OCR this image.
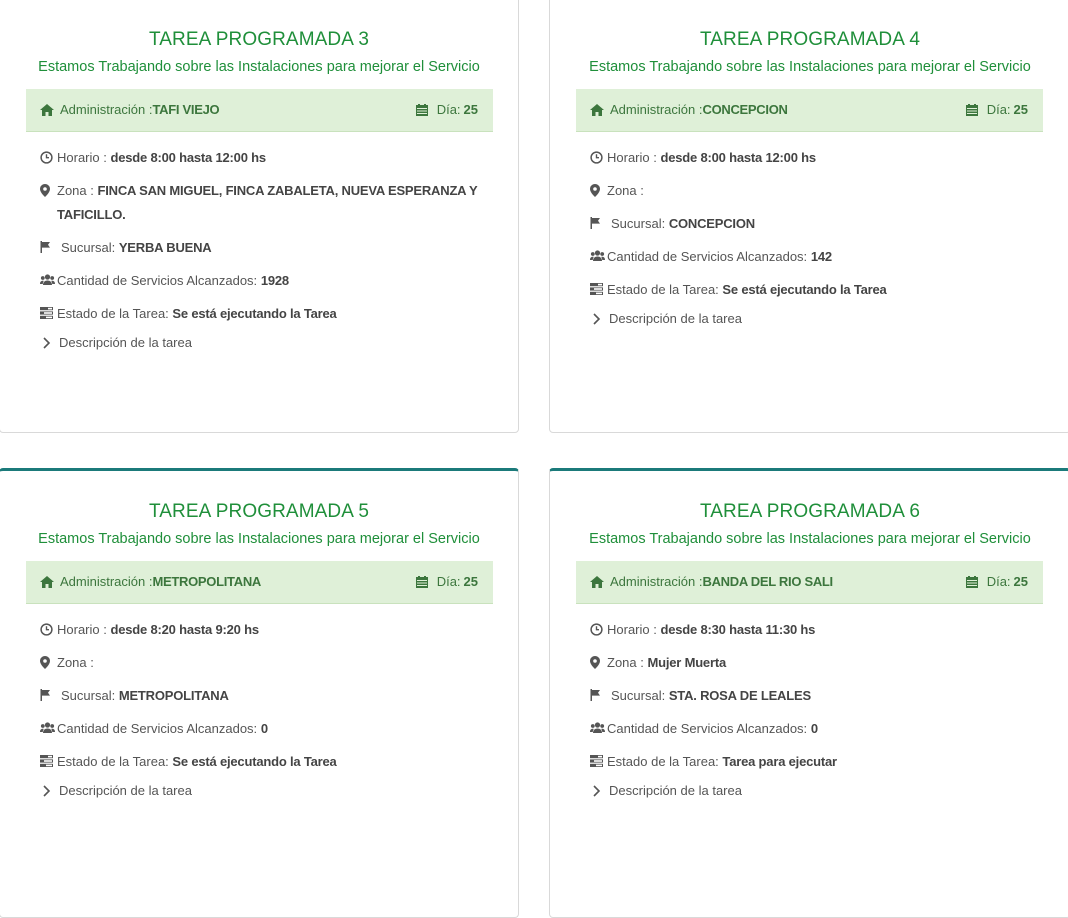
TAREA PROGRAMADA 3
Estamos Trabajando sobre las Instalaciones para mejorar el Servicio
Administración : TAFI VIEJO	Día: 25
Horario : desde 8:00 hasta 12:00 hs
Zona : FINCA SAN MIGUEL, FINCA ZABALETA, NUEVA ESPERANZA Y TAFICILLO.
Sucursal: YERBA BUENA
Cantidad de Servicios Alcanzados: 1928
Estado de la Tarea: Se está ejecutando la Tarea
Descripción de la tarea
TAREA PROGRAMADA 4
Estamos Trabajando sobre las Instalaciones para mejorar el Servicio
Administración : CONCEPCION	Día: 25
Horario : desde 8:00 hasta 12:00 hs
Zona :
Sucursal: CONCEPCION
Cantidad de Servicios Alcanzados: 142
Estado de la Tarea: Se está ejecutando la Tarea
Descripción de la tarea
TAREA PROGRAMADA 5
Estamos Trabajando sobre las Instalaciones para mejorar el Servicio
Administración : METROPOLITANA	Día: 25
Horario : desde 8:20 hasta 9:20 hs
Zona :
Sucursal: METROPOLITANA
Cantidad de Servicios Alcanzados: 0
Estado de la Tarea: Se está ejecutando la Tarea
Descripción de la tarea
TAREA PROGRAMADA 6
Estamos Trabajando sobre las Instalaciones para mejorar el Servicio
Administración : BANDA DEL RIO SALI	Día: 25
Horario : desde 8:30 hasta 11:30 hs
Zona : Mujer Muerta
Sucursal: STA. ROSA DE LEALES
Cantidad de Servicios Alcanzados: 0
Estado de la Tarea: Tarea para ejecutar
Descripción de la tarea
